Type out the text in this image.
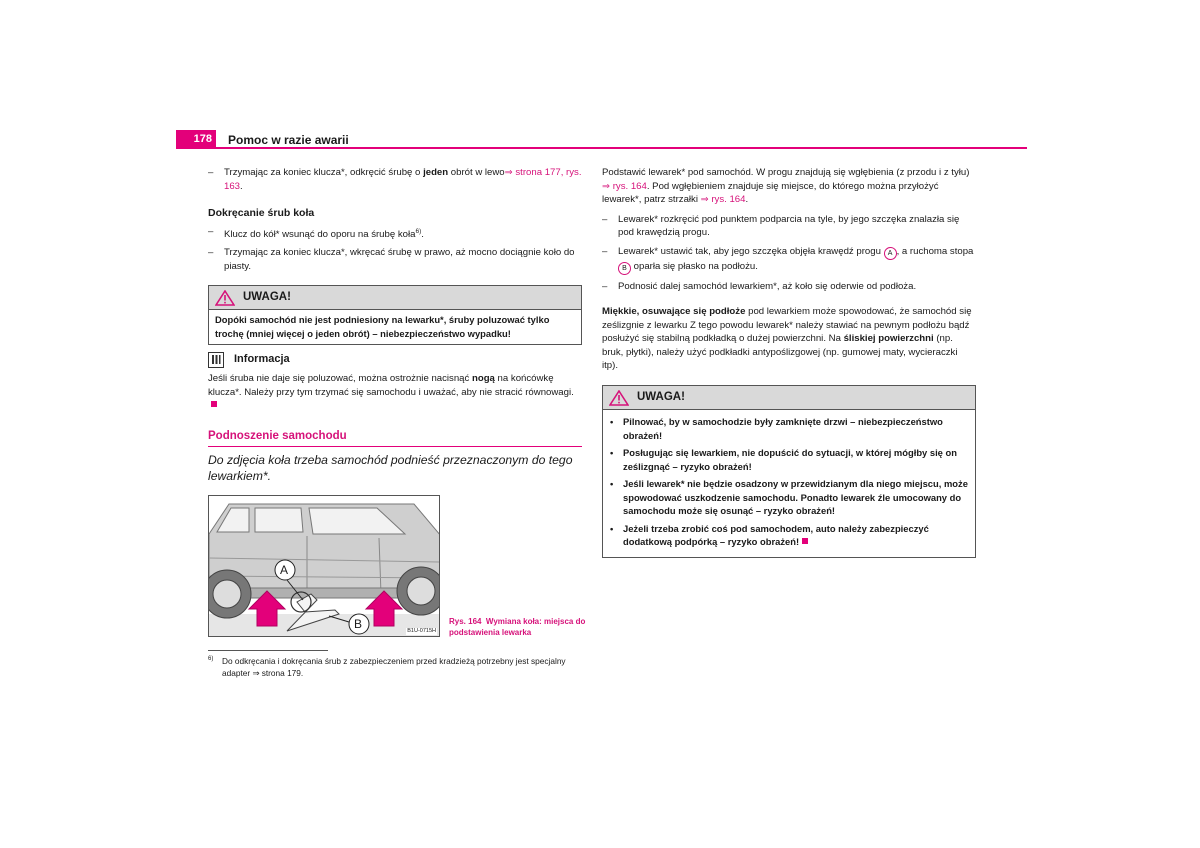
178	Pomoc w razie awarii
– Trzymając za koniec klucza*, odkręcić śrubę o jeden obrót w lewo⇒ strona 177, rys. 163.
Dokręcanie śrub koła
– Klucz do kół* wsunąć do oporu na śrubę koła$^{6)}$.
– Trzymając za koniec klucza*, wkręcać śrubę w prawo, aż mocno dociągnie koło do piasty.
UWAGA!
Dopóki samochód nie jest podniesiony na lewarku*, śruby poluzować tylko trochę (mniej więcej o jeden obrót) – niebezpieczeństwo wypadku!
Informacja
Jeśli śruba nie daje się poluzować, można ostrożnie nacisnąć nogą na końcówkę klucza*. Należy przy tym trzymać się samochodu i uważać, aby nie stracić równowagi.
Podnoszenie samochodu
Do zdjęcia koła trzeba samochód podnieść przeznaczonym do tego lewarkiem*.
A
B	B1U-0715H
Rys. 164 Wymiana koła: miejsca do podstawienia lewarka
6)	Do odkręcania i dokręcania śrub z zabezpieczeniem przed kradzieżą potrzebny jest specjalny adapter ⇒ strona 179.
Podstawić lewarek* pod samochód. W progu znajdują się wgłębienia (z przodu i z tyłu) ⇒ rys. 164. Pod wgłębieniem znajduje się miejsce, do którego można przyłożyć lewarek*, patrz strzałki ⇒ rys. 164.
– Lewarek* rozkręcić pod punktem podparcia na tyle, by jego szczęka znalazła się pod krawędzią progu.
– Lewarek* ustawić tak, aby jego szczęka objęła krawędź progu A , a ruchoma stopa B oparła się płasko na podłożu.
– Podnosić dalej samochód lewarkiem*, aż koło się oderwie od podłoża.
Miękkie, osuwające się podłoże pod lewarkiem może spowodować, że samochód się ześlizgnie z lewarku Z tego powodu lewarek* należy stawiać na pewnym podłożu bądź posłużyć się stabilną podkładką o dużej powierzchni. Na śliskiej powierzchni (np. bruk, płytki), należy użyć podkładki antypoślizgowej (np. gumowej maty, wycieraczki itp).
UWAGA!
• Pilnować, by w samochodzie były zamknięte drzwi – niebezpieczeństwo obrażeń!
• Posługując się lewarkiem, nie dopuścić do sytuacji, w której mógłby się on ześlizgnąć – ryzyko obrażeń!
• Jeśli lewarek* nie będzie osadzony w przewidzianym dla niego miejscu, może spowodować uszkodzenie samochodu. Ponadto lewarek źle umocowany do samochodu może się osunąć – ryzyko obrażeń!
• Jeżeli trzeba zrobić coś pod samochodem, auto należy zabezpieczyć dodatkową podpórką – ryzyko obrażeń!
